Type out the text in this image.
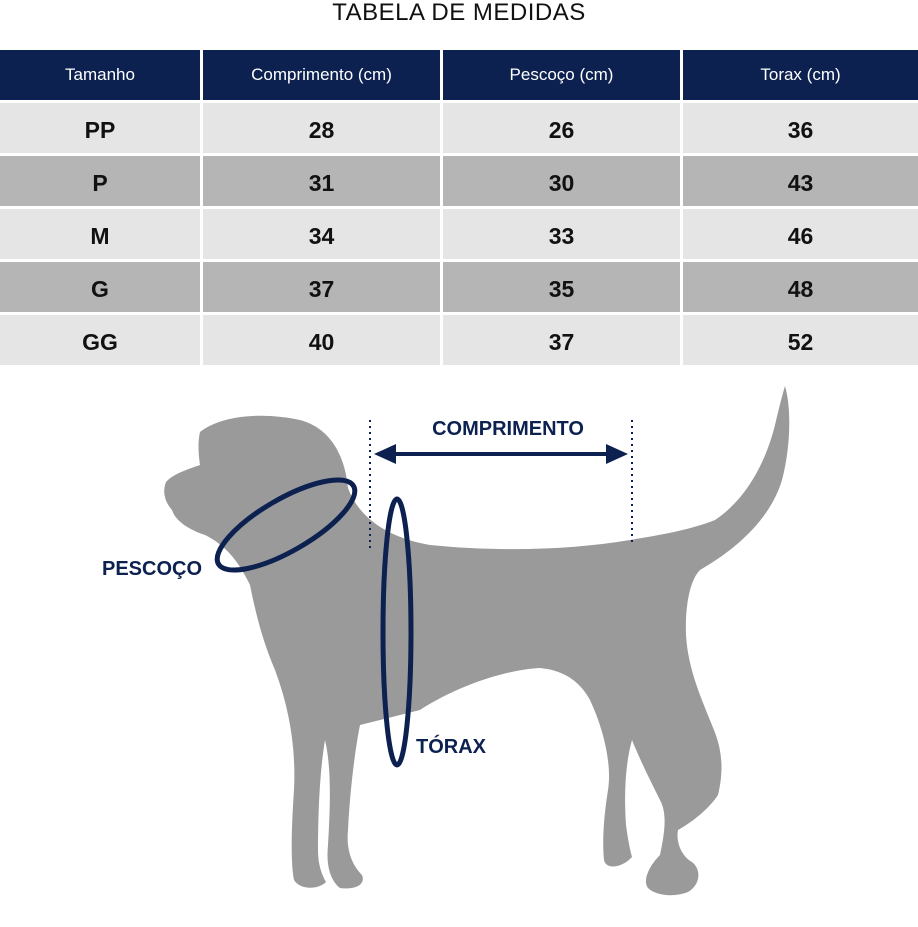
TABELA DE MEDIDAS
Tamanho	Comprimento (cm)	Pescoço (cm)	Torax (cm)
PP	28	26	36
P	31	30	43
M	34	33	46
G	37	35	48
GG	40	37	52
COMPRIMENTO
PESCOÇO
TÓRAX
